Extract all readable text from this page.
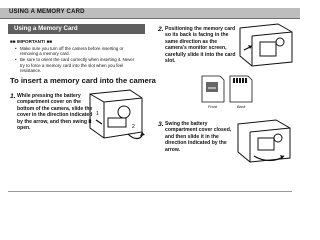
USING A MEMORY CARD
Using a Memory Card
■■ IMPORTANT! ■■
• Make sure you turn off the camera before inserting or removing a memory card.
• Be sure to orient the card correctly when inserting it. Never try to force a memory card into the slot when you feel resistance.
To insert a memory card into the camera
1. While pressing the battery compartment cover on the bottom of the camera, slide the cover in the direction indicated by the arrow, and then swing it open.
1
2
2. Positioning the memory card so its back is facing in the same direction as the camera's monitor screen, carefully slide it into the card slot.
Front	Back
3. Swing the battery compartment cover closed, and then slide it in the direction indicated by the arrow.
